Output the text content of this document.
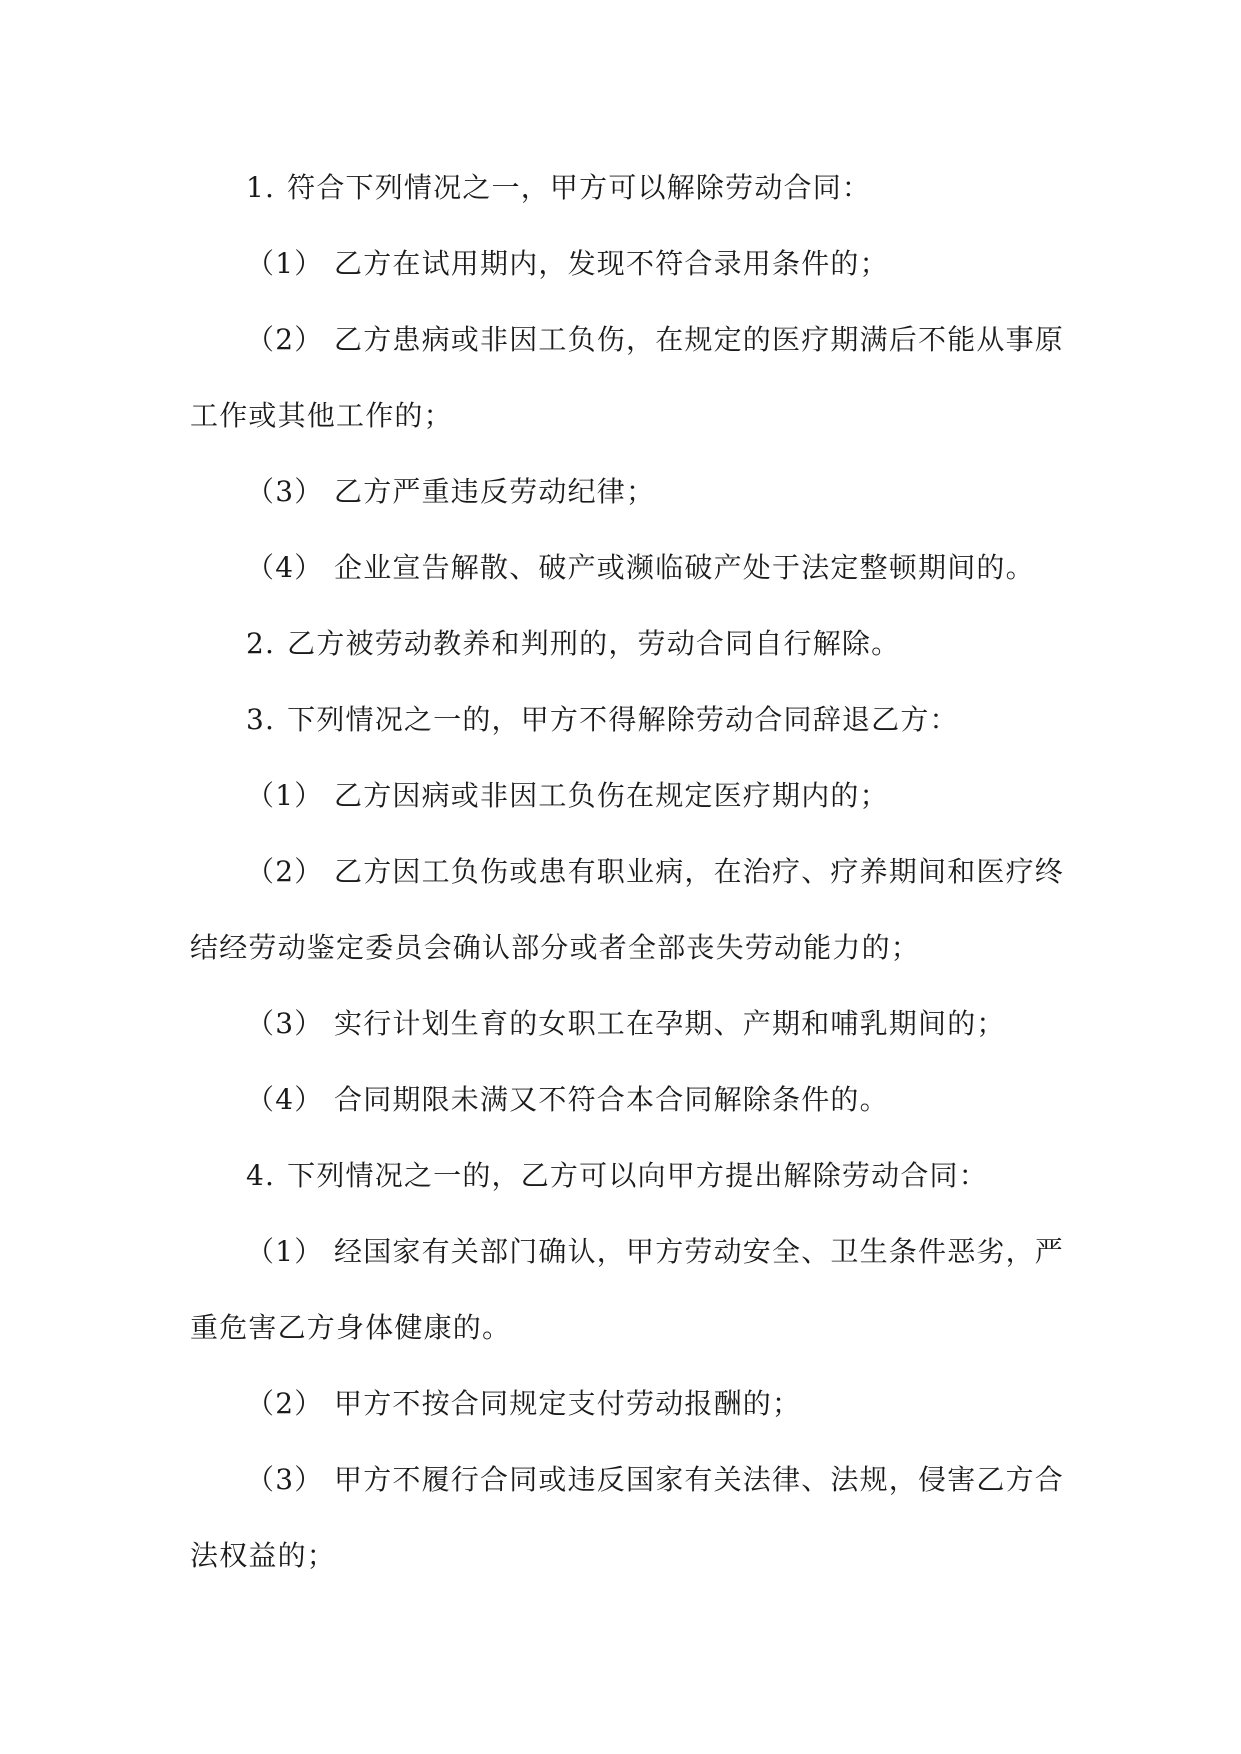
1. 符合下列情况之一，甲方可以解除劳动合同：
（1） 乙方在试用期内，发现不符合录用条件的；
（2） 乙方患病或非因工负伤，在规定的医疗期满后不能从事原
工作或其他工作的；
（3） 乙方严重违反劳动纪律；
（4） 企业宣告解散、破产或濒临破产处于法定整顿期间的。
2. 乙方被劳动教养和判刑的，劳动合同自行解除。
3. 下列情况之一的，甲方不得解除劳动合同辞退乙方：
（1） 乙方因病或非因工负伤在规定医疗期内的；
（2） 乙方因工负伤或患有职业病，在治疗、疗养期间和医疗终
结经劳动鉴定委员会确认部分或者全部丧失劳动能力的；
（3） 实行计划生育的女职工在孕期、产期和哺乳期间的；
（4） 合同期限未满又不符合本合同解除条件的。
4. 下列情况之一的，乙方可以向甲方提出解除劳动合同：
（1） 经国家有关部门确认，甲方劳动安全、卫生条件恶劣，严
重危害乙方身体健康的。
（2） 甲方不按合同规定支付劳动报酬的；
（3） 甲方不履行合同或违反国家有关法律、法规，侵害乙方合
法权益的；
